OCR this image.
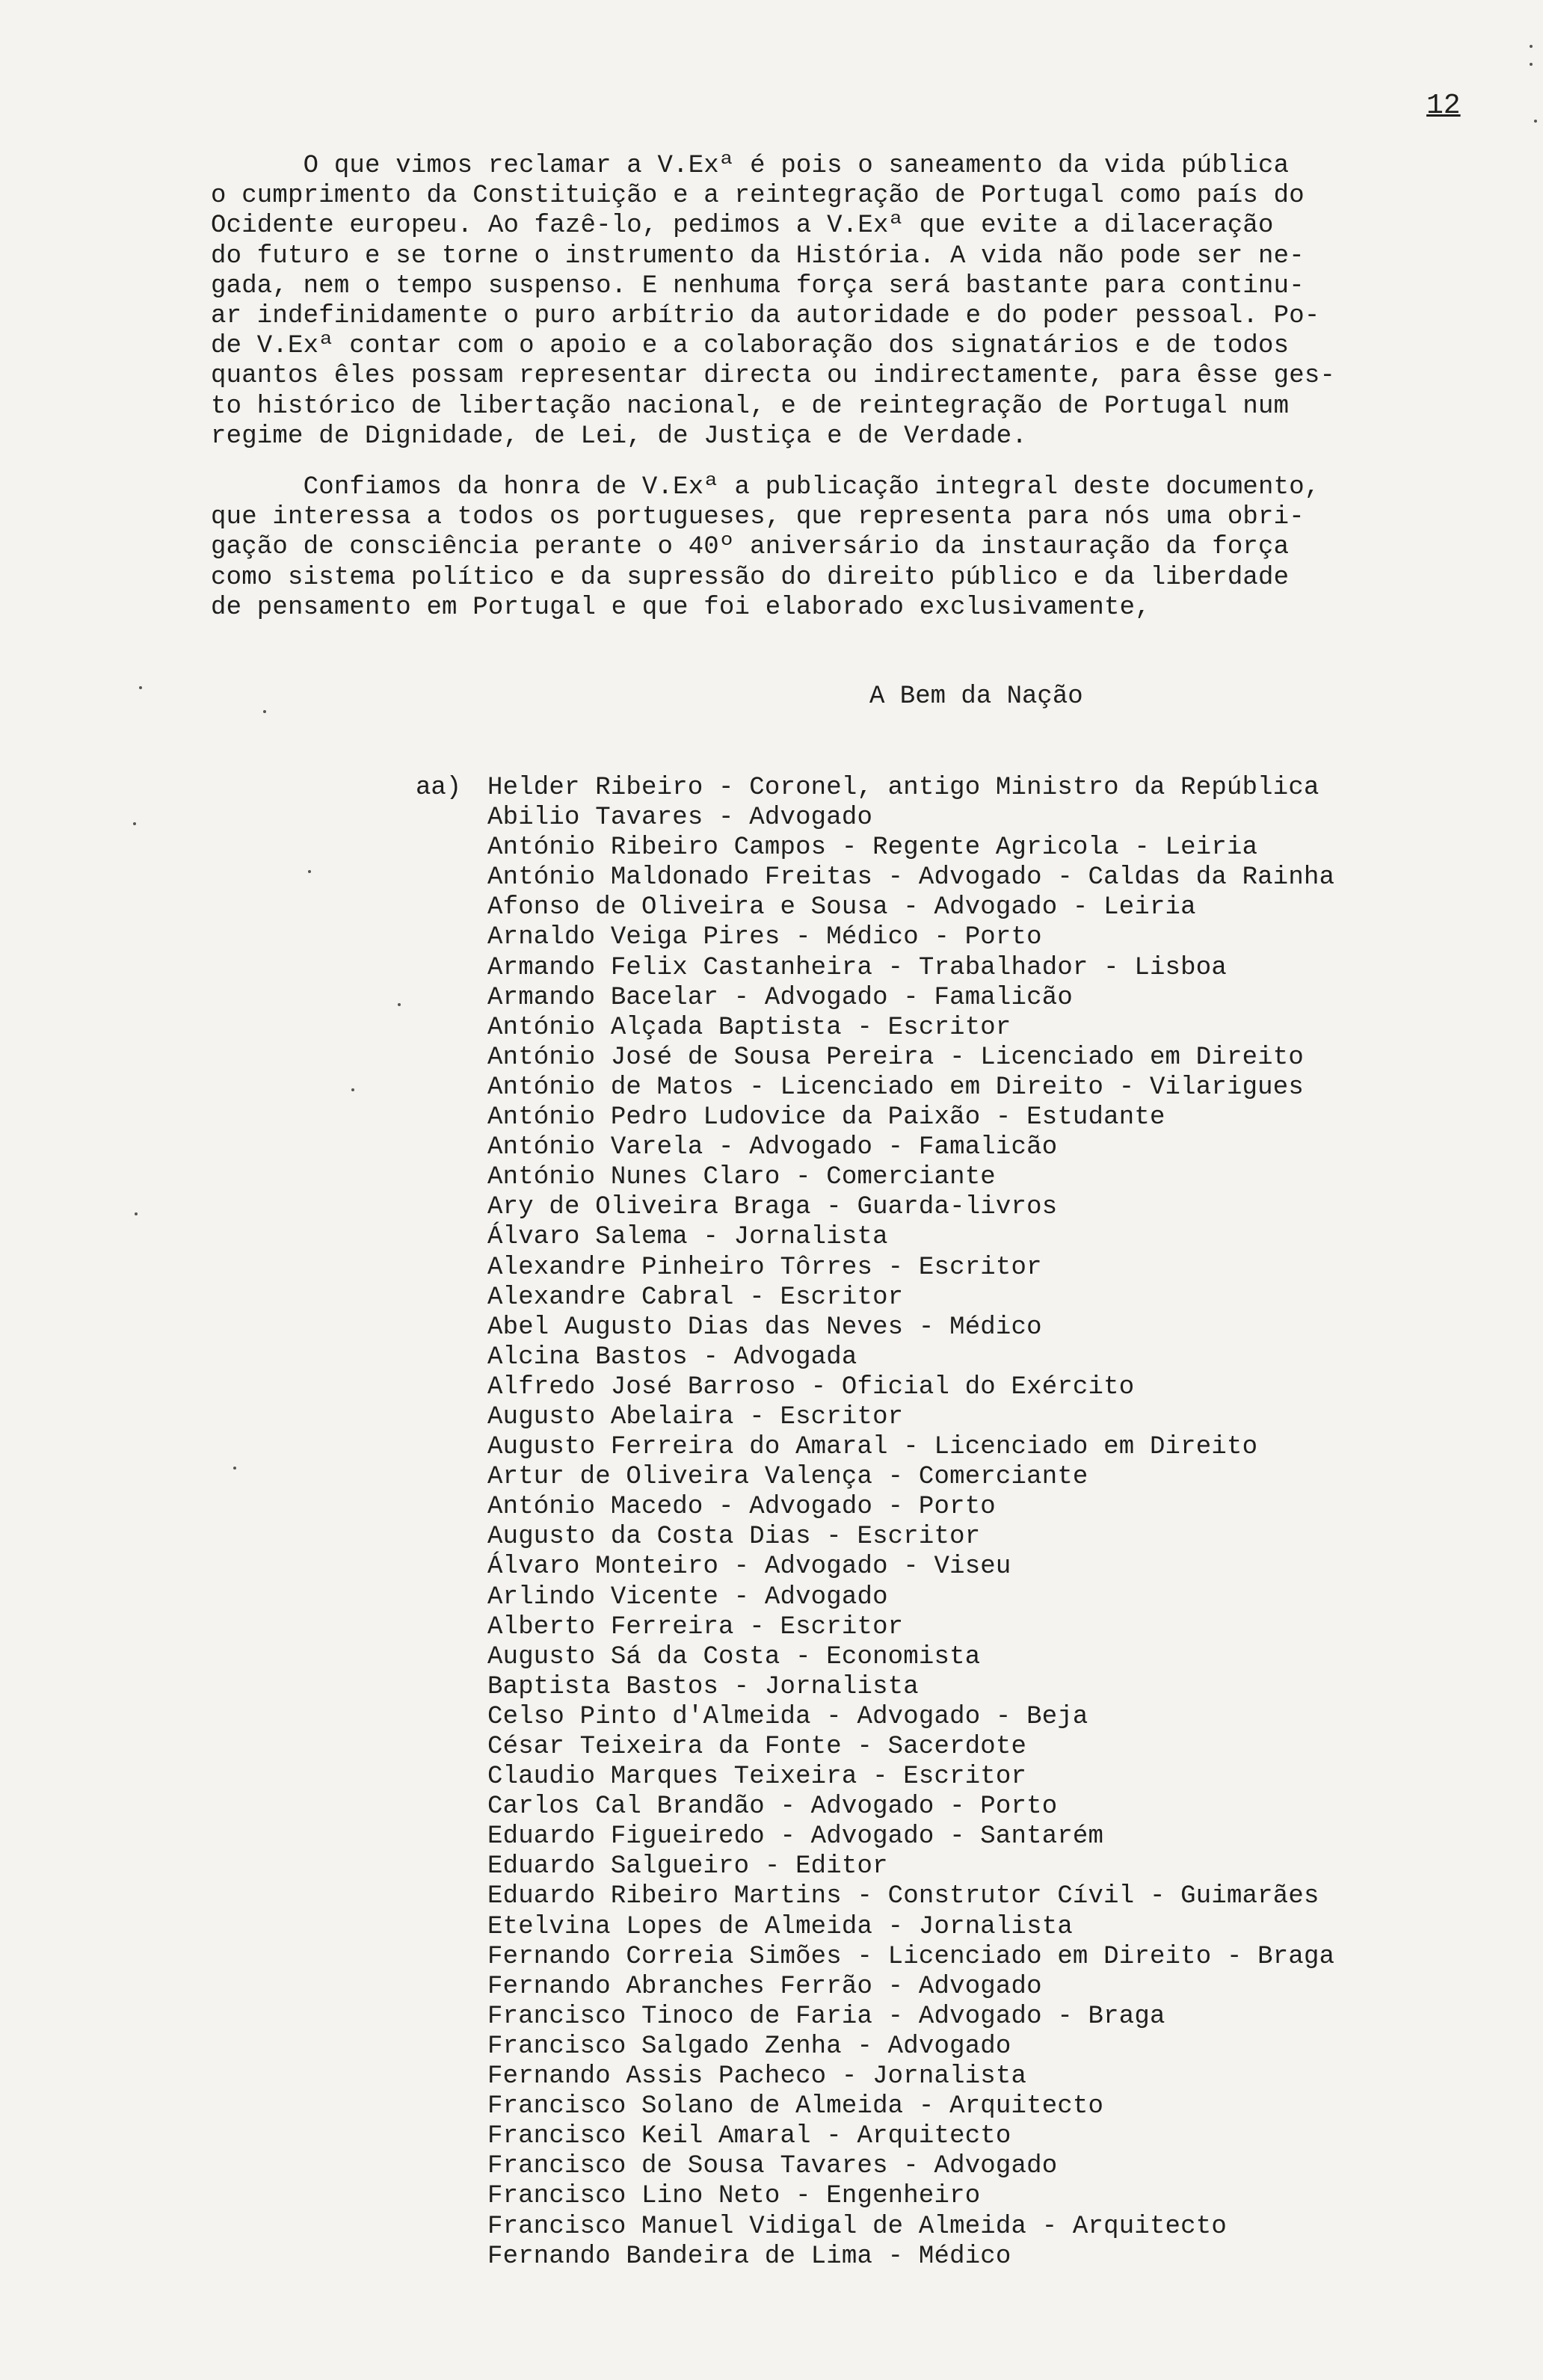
12
O que vimos reclamar a V.Exª é pois o saneamento da vida pública
o cumprimento da Constituição e a reintegração de Portugal como país do
Ocidente europeu. Ao fazê-lo, pedimos a V.Exª que evite a dilaceração
do futuro e se torne o instrumento da História. A vida não pode ser ne-
gada, nem o tempo suspenso. E nenhuma força será bastante para continu-
ar indefinidamente o puro arbítrio da autoridade e do poder pessoal. Po-
de V.Exª contar com o apoio e a colaboração dos signatários e de todos
quantos êles possam representar directa ou indirectamente, para êsse ges-
to histórico de libertação nacional, e de reintegração de Portugal num
regime de Dignidade, de Lei, de Justiça e de Verdade.
Confiamos da honra de V.Exª a publicação integral deste documento,
que interessa a todos os portugueses, que representa para nós uma obri-
gação de consciência perante o 40º aniversário da instauração da força
como sistema político e da supressão do direito público e da liberdade
de pensamento em Portugal e que foi elaborado exclusivamente,
A Bem da Nação
aa) Helder Ribeiro - Coronel, antigo Ministro da República
Abilio Tavares - Advogado
António Ribeiro Campos - Regente Agricola - Leiria
António Maldonado Freitas - Advogado - Caldas da Rainha
Afonso de Oliveira e Sousa - Advogado - Leiria
Arnaldo Veiga Pires - Médico - Porto
Armando Felix Castanheira - Trabalhador - Lisboa
Armando Bacelar - Advogado - Famalicão
António Alçada Baptista - Escritor
António José de Sousa Pereira - Licenciado em Direito
António de Matos - Licenciado em Direito - Vilarigues
António Pedro Ludovice da Paixão - Estudante
António Varela - Advogado - Famalicão
António Nunes Claro - Comerciante
Ary de Oliveira Braga - Guarda-livros
Álvaro Salema - Jornalista
Alexandre Pinheiro Tôrres - Escritor
Alexandre Cabral - Escritor
Abel Augusto Dias das Neves - Médico
Alcina Bastos - Advogada
Alfredo José Barroso - Oficial do Exército
Augusto Abelaira - Escritor
Augusto Ferreira do Amaral - Licenciado em Direito
Artur de Oliveira Valença - Comerciante
António Macedo - Advogado - Porto
Augusto da Costa Dias - Escritor
Álvaro Monteiro - Advogado - Viseu
Arlindo Vicente - Advogado
Alberto Ferreira - Escritor
Augusto Sá da Costa - Economista
Baptista Bastos - Jornalista
Celso Pinto d'Almeida - Advogado - Beja
César Teixeira da Fonte - Sacerdote
Claudio Marques Teixeira - Escritor
Carlos Cal Brandão - Advogado - Porto
Eduardo Figueiredo - Advogado - Santarém
Eduardo Salgueiro - Editor
Eduardo Ribeiro Martins - Construtor Cívil - Guimarães
Etelvina Lopes de Almeida - Jornalista
Fernando Correia Simões - Licenciado em Direito - Braga
Fernando Abranches Ferrão - Advogado
Francisco Tinoco de Faria - Advogado - Braga
Francisco Salgado Zenha - Advogado
Fernando Assis Pacheco - Jornalista
Francisco Solano de Almeida - Arquitecto
Francisco Keil Amaral - Arquitecto
Francisco de Sousa Tavares - Advogado
Francisco Lino Neto - Engenheiro
Francisco Manuel Vidigal de Almeida - Arquitecto
Fernando Bandeira de Lima - Médico
